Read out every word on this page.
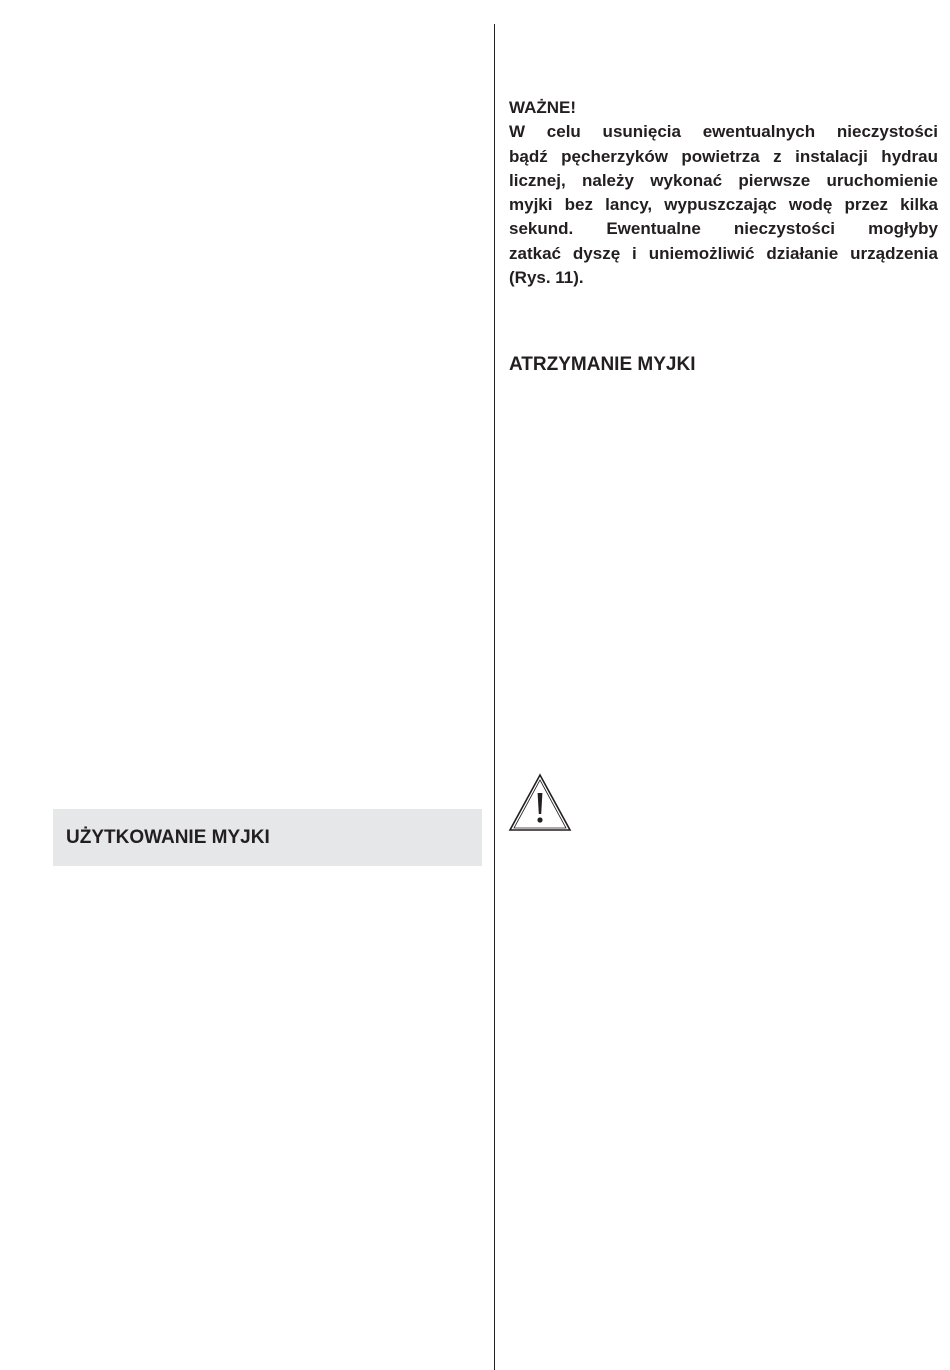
WAŻNE!
W celu usunięcia ewentualnych nieczystości
bądź pęcherzyków powietrza z instalacji hydrau
licznej, należy wykonać pierwsze uruchomienie
myjki bez lancy, wypuszczając wodę przez kilka
sekund. Ewentualne nieczystości mogłyby
zatkać dyszę i uniemożliwić działanie urządzenia
(Rys. 11).
ATRZYMANIE MYJKI
UŻYTKOWANIE MYJKI
